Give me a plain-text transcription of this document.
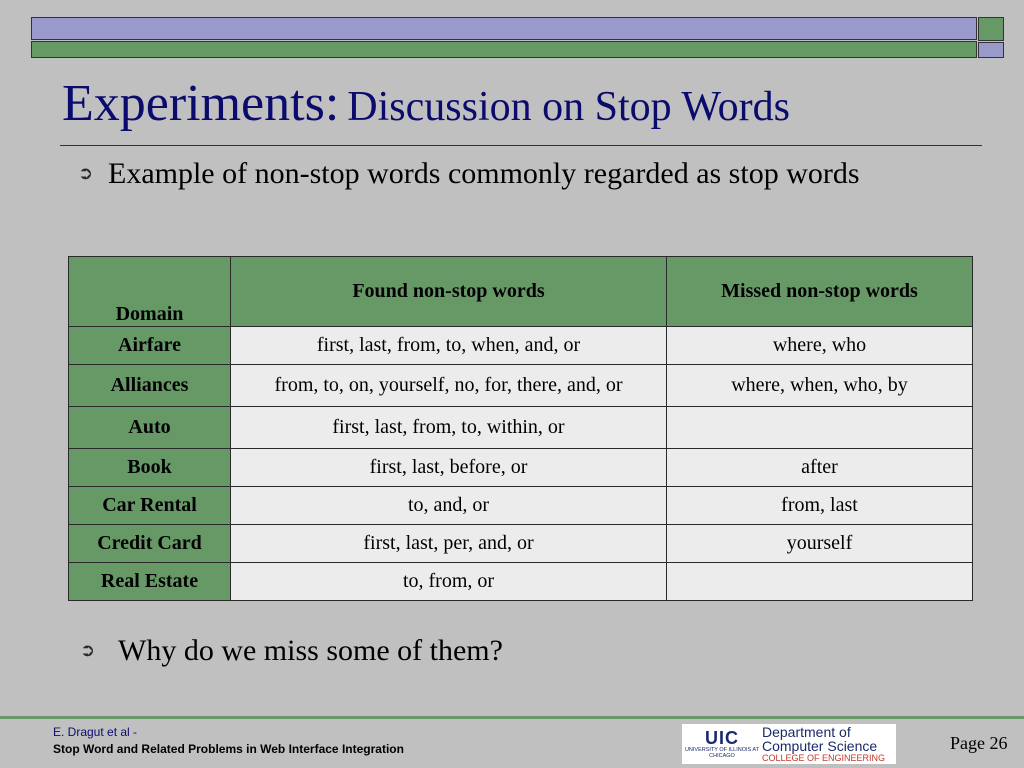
Experiments: Discussion on Stop Words
➲ Example of non-stop words commonly regarded as stop words
Domain	Found non-stop words	Missed non-stop words
Airfare	first, last, from, to, when, and, or	where, who
Alliances	from, to, on, yourself, no, for, there, and, or	where, when, who, by
Auto	first, last, from, to, within, or	
Book	first, last, before, or	after
Car Rental	to, and, or	from, last
Credit Card	first, last, per, and, or	yourself
Real Estate	to, from, or	
➲ Why do we miss some of them?
E. Dragut et al -
Stop Word and Related Problems in Web Interface Integration
UIC
UNIVERSITY OF ILLINOIS AT CHICAGO
Department of
Computer Science
COLLEGE OF ENGINEERING
Page 26
